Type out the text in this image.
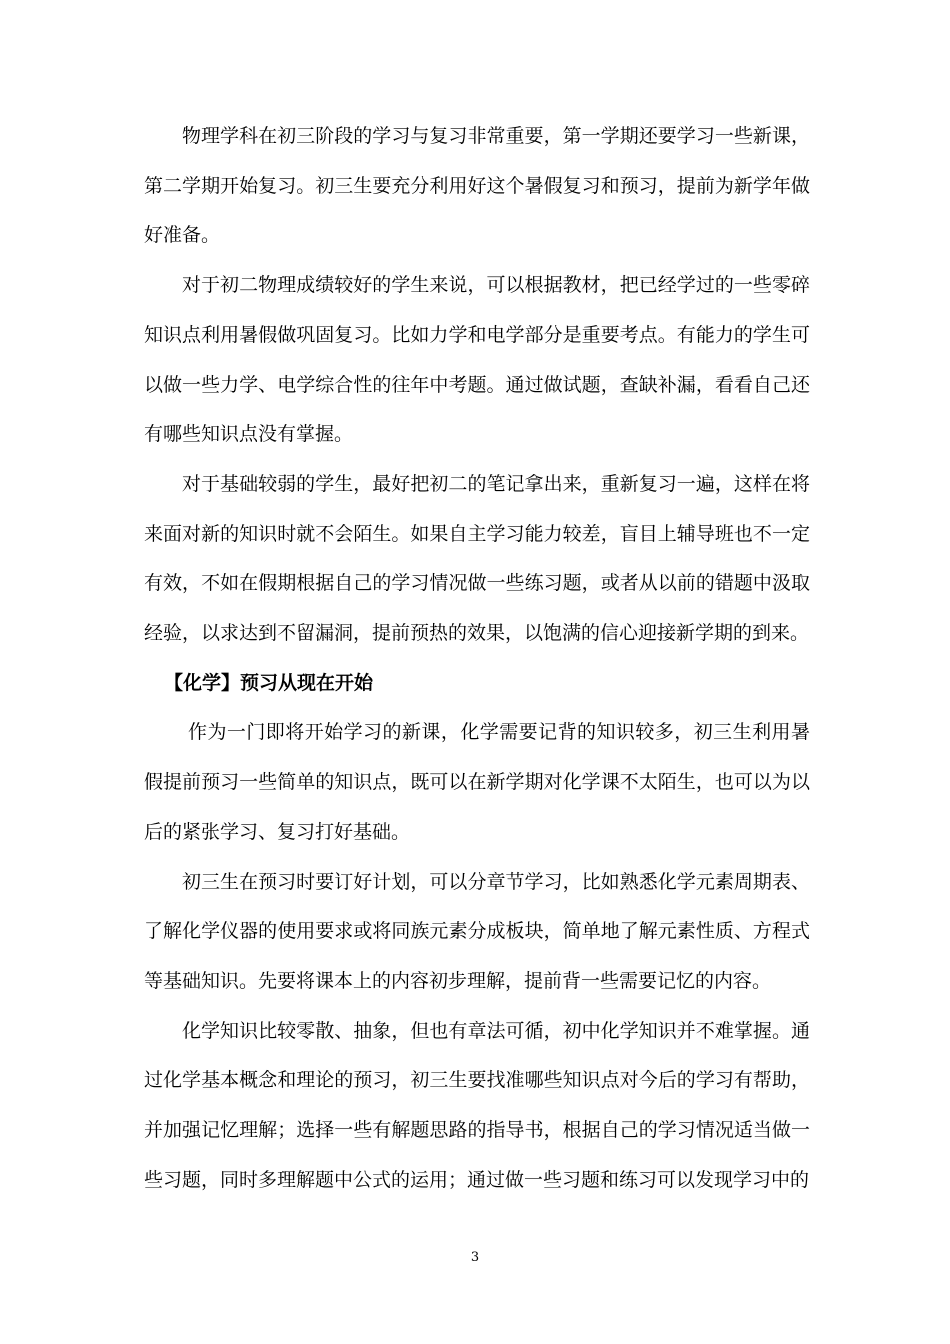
物理学科在初三阶段的学习与复习非常重要，第一学期还要学习一些新课，第二学期开始复习。初三生要充分利用好这个暑假复习和预习，提前为新学年做好准备。

对于初二物理成绩较好的学生来说，可以根据教材，把已经学过的一些零碎知识点利用暑假做巩固复习。比如力学和电学部分是重要考点。有能力的学生可以做一些力学、电学综合性的往年中考题。通过做试题，查缺补漏，看看自己还有哪些知识点没有掌握。

对于基础较弱的学生，最好把初二的笔记拿出来，重新复习一遍，这样在将来面对新的知识时就不会陌生。如果自主学习能力较差，盲目上辅导班也不一定有效，不如在假期根据自己的学习情况做一些练习题，或者从以前的错题中汲取经验，以求达到不留漏洞，提前预热的效果，以饱满的信心迎接新学期的到来。

【化学】预习从现在开始

作为一门即将开始学习的新课，化学需要记背的知识较多，初三生利用暑假提前预习一些简单的知识点，既可以在新学期对化学课不太陌生，也可以为以后的紧张学习、复习打好基础。

初三生在预习时要订好计划，可以分章节学习，比如熟悉化学元素周期表、了解化学仪器的使用要求或将同族元素分成板块，简单地了解元素性质、方程式等基础知识。先要将课本上的内容初步理解，提前背一些需要记忆的内容。

化学知识比较零散、抽象，但也有章法可循，初中化学知识并不难掌握。通过化学基本概念和理论的预习，初三生要找准哪些知识点对今后的学习有帮助，并加强记忆理解；选择一些有解题思路的指导书，根据自己的学习情况适当做一些习题，同时多理解题中公式的运用；通过做一些习题和练习可以发现学习中的

3
